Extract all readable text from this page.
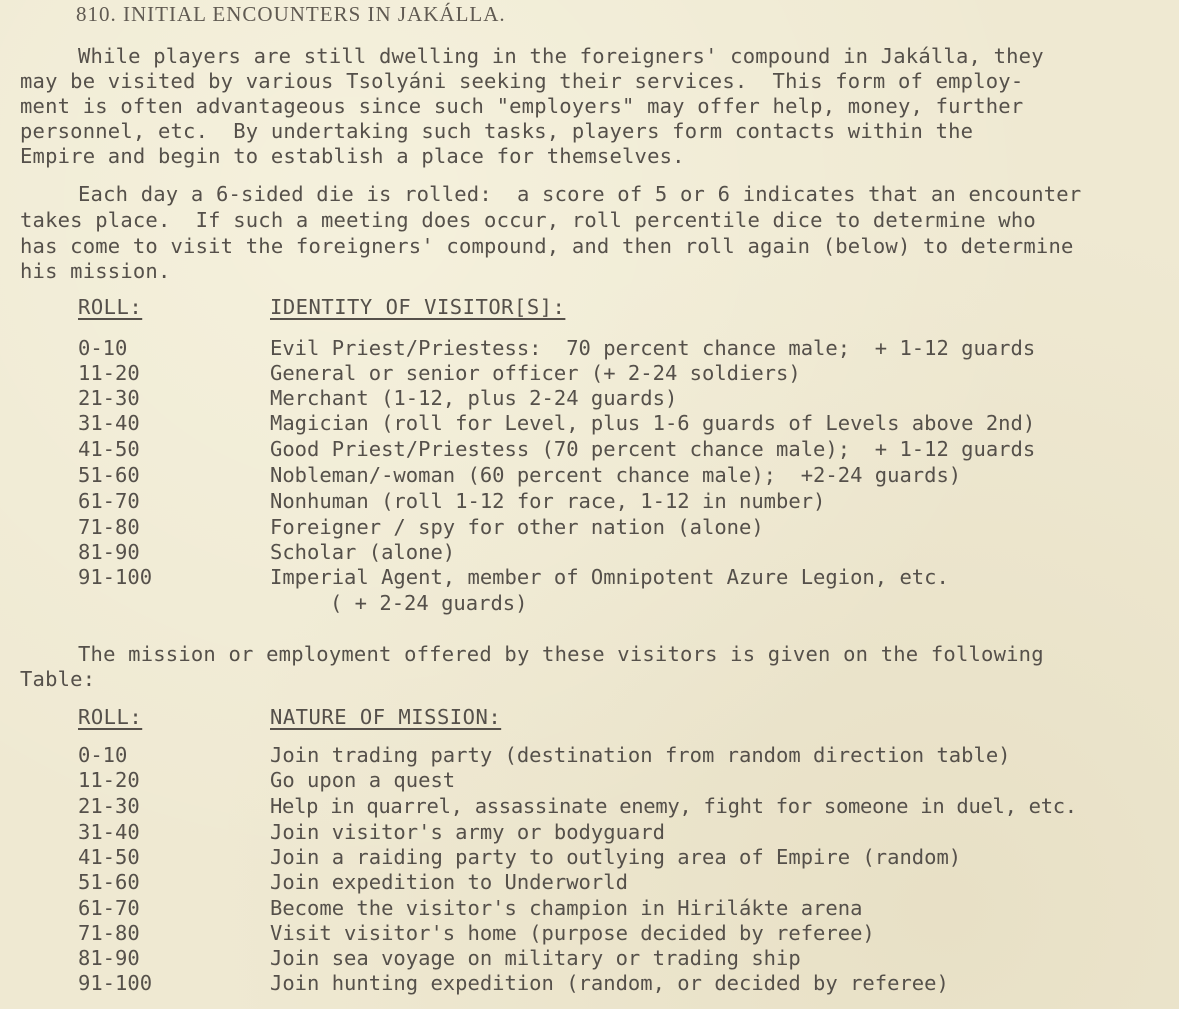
810. INITIAL ENCOUNTERS IN JAKÁLLA.
While players are still dwelling in the foreigners' compound in Jakálla, they
may be visited by various Tsolyáni seeking their services.  This form of employ-
ment is often advantageous since such "employers" may offer help, money, further
personnel, etc.  By undertaking such tasks, players form contacts within the
Empire and begin to establish a place for themselves.
Each day a 6-sided die is rolled:  a score of 5 or 6 indicates that an encounter
takes place.  If such a meeting does occur, roll percentile dice to determine who
has come to visit the foreigners' compound, and then roll again (below) to determine
his mission.
ROLL:	IDENTITY OF VISITOR[S]:
0-10	Evil Priest/Priestess:  70 percent chance male;  + 1-12 guards
11-20	General or senior officer (+ 2-24 soldiers)
21-30	Merchant (1-12, plus 2-24 guards)
31-40	Magician (roll for Level, plus 1-6 guards of Levels above 2nd)
41-50	Good Priest/Priestess (70 percent chance male);  + 1-12 guards
51-60	Nobleman/-woman (60 percent chance male);  +2-24 guards)
61-70	Nonhuman (roll 1-12 for race, 1-12 in number)
71-80	Foreigner / spy for other nation (alone)
81-90	Scholar (alone)
91-100	Imperial Agent, member of Omnipotent Azure Legion, etc.
( + 2-24 guards)
The mission or employment offered by these visitors is given on the following
Table:
ROLL:	NATURE OF MISSION:
0-10	Join trading party (destination from random direction table)
11-20	Go upon a quest
21-30	Help in quarrel, assassinate enemy, fight for someone in duel, etc.
31-40	Join visitor's army or bodyguard
41-50	Join a raiding party to outlying area of Empire (random)
51-60	Join expedition to Underworld
61-70	Become the visitor's champion in Hirilákte arena
71-80	Visit visitor's home (purpose decided by referee)
81-90	Join sea voyage on military or trading ship
91-100	Join hunting expedition (random, or decided by referee)
